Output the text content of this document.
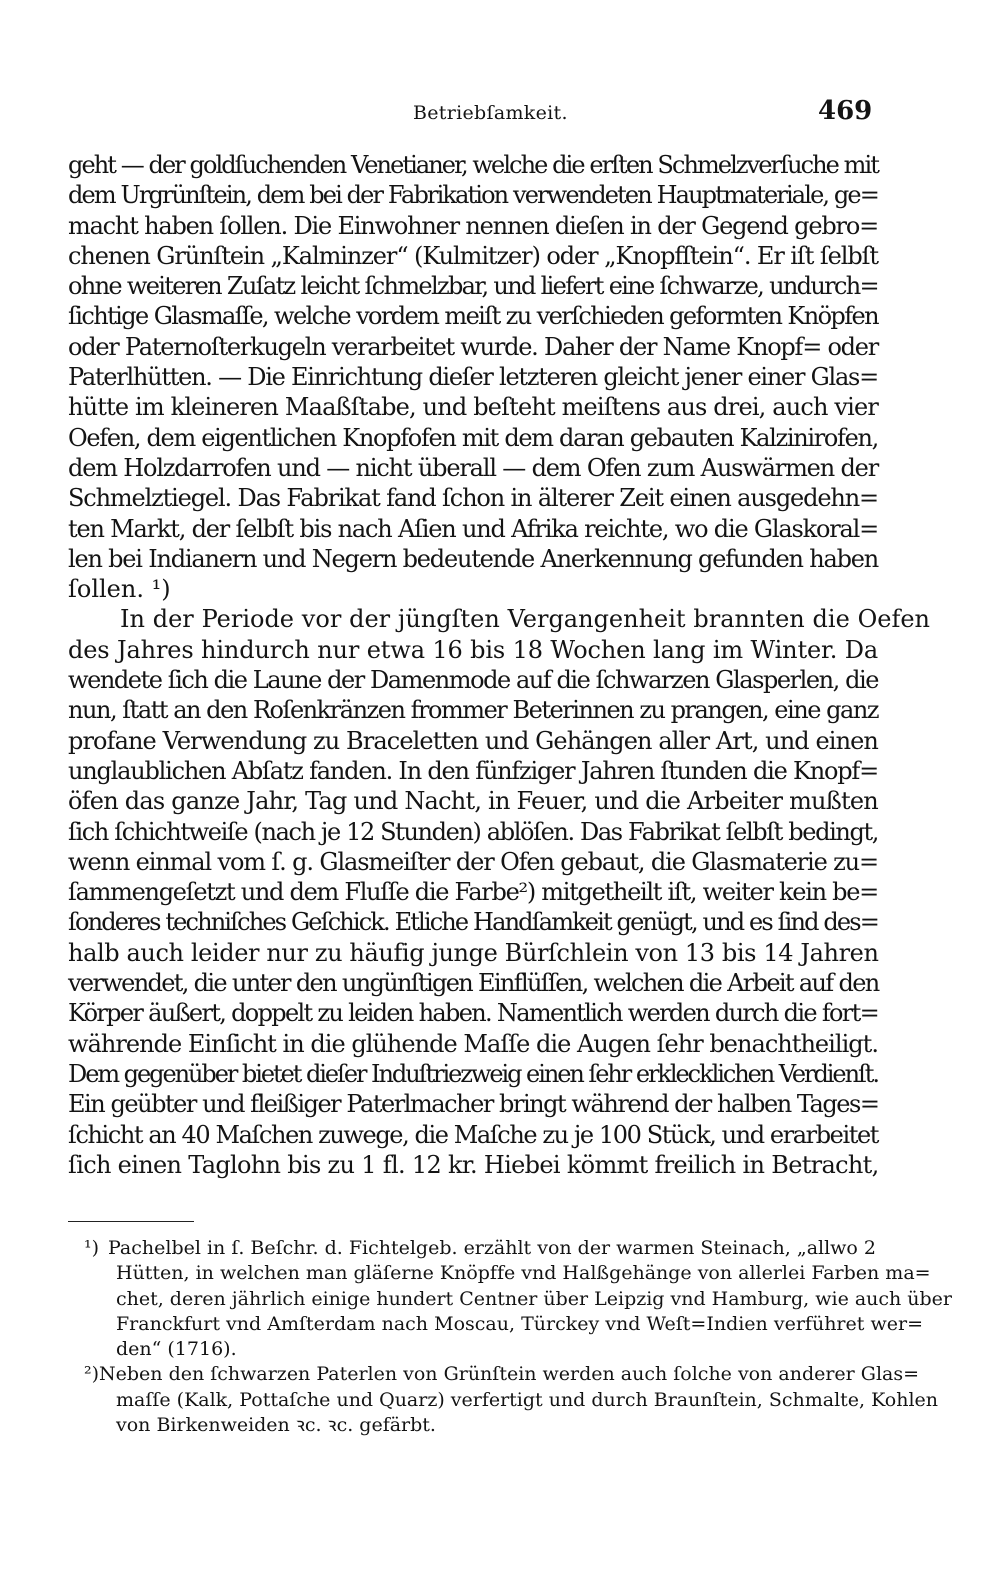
Betriebſamkeit.	469
geht — der goldſuchenden Venetianer, welche die erſten Schmelzverſuche mit
dem Urgrünſtein, dem bei der Fabrikation verwendeten Hauptmateriale, ge=
macht haben ſollen. Die Einwohner nennen dieſen in der Gegend gebro=
chenen Grünſtein „Kalminzer“ (Kulmitzer) oder „Knopfſtein“. Er iſt ſelbſt
ohne weiteren Zuſatz leicht ſchmelzbar, und liefert eine ſchwarze, undurch=
ſichtige Glasmaſſe, welche vordem meiſt zu verſchieden geformten Knöpfen
oder Paternoſterkugeln verarbeitet wurde. Daher der Name Knopf= oder
Paterlhütten. — Die Einrichtung dieſer letzteren gleicht jener einer Glas=
hütte im kleineren Maaßſtabe, und beſteht meiſtens aus drei, auch vier
Oefen, dem eigentlichen Knopfofen mit dem daran gebauten Kalzinirofen,
dem Holzdarrofen und — nicht überall — dem Ofen zum Auswärmen der
Schmelztiegel. Das Fabrikat fand ſchon in älterer Zeit einen ausgedehn=
ten Markt, der ſelbſt bis nach Aſien und Afrika reichte, wo die Glaskoral=
len bei Indianern und Negern bedeutende Anerkennung gefunden haben
ſollen. ¹)
In der Periode vor der jüngſten Vergangenheit brannten die Oefen
des Jahres hindurch nur etwa 16 bis 18 Wochen lang im Winter. Da
wendete ſich die Laune der Damenmode auf die ſchwarzen Glasperlen, die
nun, ſtatt an den Roſenkränzen frommer Beterinnen zu prangen, eine ganz
profane Verwendung zu Braceletten und Gehängen aller Art, und einen
unglaublichen Abſatz fanden. In den fünfziger Jahren ſtunden die Knopf=
öfen das ganze Jahr, Tag und Nacht, in Feuer, und die Arbeiter mußten
ſich ſchichtweiſe (nach je 12 Stunden) ablöſen. Das Fabrikat ſelbſt bedingt,
wenn einmal vom ſ. g. Glasmeiſter der Ofen gebaut, die Glasmaterie zu=
ſammengeſetzt und dem Fluſſe die Farbe²) mitgetheilt iſt, weiter kein be=
ſonderes techniſches Geſchick. Etliche Handſamkeit genügt, und es ſind des=
halb auch leider nur zu häufig junge Bürſchlein von 13 bis 14 Jahren
verwendet, die unter den ungünſtigen Einflüſſen, welchen die Arbeit auf den
Körper äußert, doppelt zu leiden haben. Namentlich werden durch die fort=
währende Einſicht in die glühende Maſſe die Augen ſehr benachtheiligt.
Dem gegenüber bietet dieſer Induſtriezweig einen ſehr erklecklichen Verdienſt.
Ein geübter und fleißiger Paterlmacher bringt während der halben Tages=
ſchicht an 40 Maſchen zuwege, die Maſche zu je 100 Stück, und erarbeitet
ſich einen Taglohn bis zu 1 fl. 12 kr. Hiebei kömmt freilich in Betracht,
¹) Pachelbel in ſ. Beſchr. d. Fichtelgeb. erzählt von der warmen Steinach, „allwo 2
Hütten, in welchen man gläſerne Knöpffe vnd Halßgehänge von allerlei Farben ma=
chet, deren jährlich einige hundert Centner über Leipzig vnd Hamburg, wie auch über
Franckfurt vnd Amſterdam nach Moscau, Türckey vnd Weſt=Indien verführet wer=
den“ (1716).
²) Neben den ſchwarzen Paterlen von Grünſtein werden auch ſolche von anderer Glas=
maſſe (Kalk, Pottaſche und Quarz) verfertigt und durch Braunſtein, Schmalte, Kohlen
von Birkenweiden ꝛc. ꝛc. gefärbt.
